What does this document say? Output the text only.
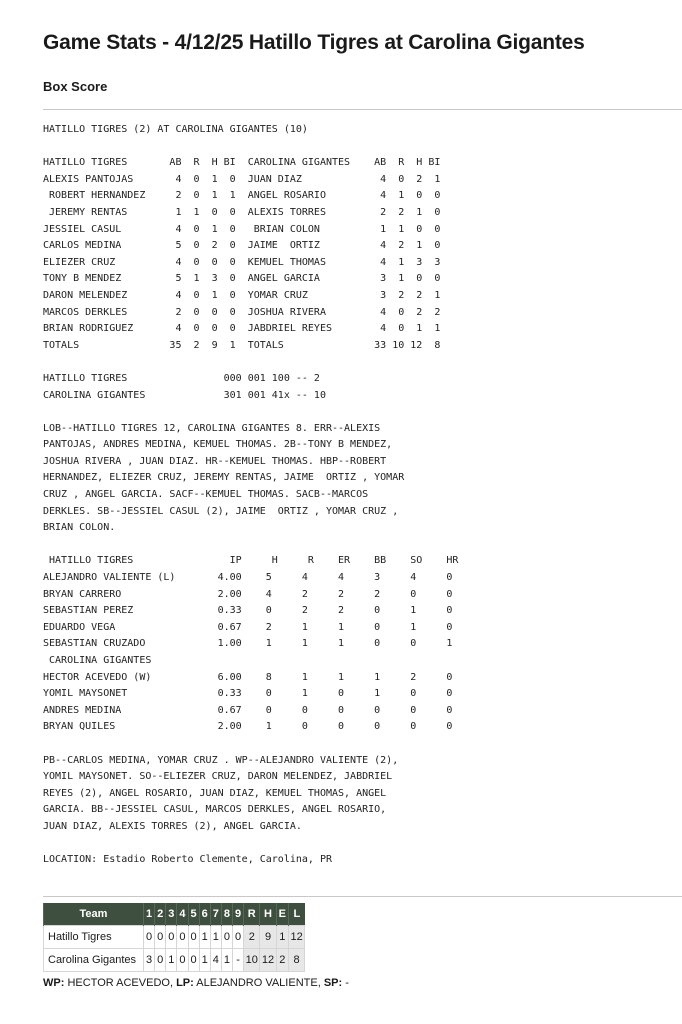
Game Stats - 4/12/25 Hatillo Tigres at Carolina Gigantes
Box Score
HATILLO TIGRES (2) AT CAROLINA GIGANTES (10)

HATILLO TIGRES       AB  R  H BI  CAROLINA GIGANTES    AB  R  H BI
ALEXIS PANTOJAS       4  0  1  0  JUAN DIAZ             4  0  2  1
ROBERT HERNANDEZ     2  0  1  1  ANGEL ROSARIO         4  1  0  0
JEREMY RENTAS        1  1  0  0  ALEXIS TORRES         2  2  1  0
JESSIEL CASUL         4  0  1  0   BRIAN COLON          1  1  0  0
CARLOS MEDINA         5  0  2  0  JAIME  ORTIZ          4  2  1  0
ELIEZER CRUZ          4  0  0  0  KEMUEL THOMAS         4  1  3  3
TONY B MENDEZ         5  1  3  0  ANGEL GARCIA          3  1  0  0
DARON MELENDEZ        4  0  1  0  YOMAR CRUZ            3  2  2  1
MARCOS DERKLES        2  0  0  0  JOSHUA RIVERA         4  0  2  2
BRIAN RODRIGUEZ       4  0  0  0  JABDRIEL REYES        4  0  1  1
TOTALS               35  2  9  1  TOTALS               33 10 12  8

HATILLO TIGRES                000 001 100 -- 2
CAROLINA GIGANTES             301 001 41x -- 10

LOB--HATILLO TIGRES 12, CAROLINA GIGANTES 8. ERR--ALEXIS
PANTOJAS, ANDRES MEDINA, KEMUEL THOMAS. 2B--TONY B MENDEZ,
JOSHUA RIVERA , JUAN DIAZ. HR--KEMUEL THOMAS. HBP--ROBERT
HERNANDEZ, ELIEZER CRUZ, JEREMY RENTAS, JAIME  ORTIZ , YOMAR
CRUZ , ANGEL GARCIA. SACF--KEMUEL THOMAS. SACB--MARCOS
DERKLES. SB--JESSIEL CASUL (2), JAIME  ORTIZ , YOMAR CRUZ ,
BRIAN COLON.

HATILLO TIGRES                IP     H     R    ER    BB    SO    HR
ALEJANDRO VALIENTE (L)       4.00    5     4     4     3     4     0
BRYAN CARRERO                2.00    4     2     2     2     0     0
SEBASTIAN PEREZ              0.33    0     2     2     0     1     0
EDUARDO VEGA                 0.67    2     1     1     0     1     0
SEBASTIAN CRUZADO            1.00    1     1     1     0     0     1
CAROLINA GIGANTES
HECTOR ACEVEDO (W)           6.00    8     1     1     1     2     0
YOMIL MAYSONET               0.33    0     1     0     1     0     0
ANDRES MEDINA                0.67    0     0     0     0     0     0
BRYAN QUILES                 2.00    1     0     0     0     0     0

PB--CARLOS MEDINA, YOMAR CRUZ . WP--ALEJANDRO VALIENTE (2),
YOMIL MAYSONET. SO--ELIEZER CRUZ, DARON MELENDEZ, JABDRIEL
REYES (2), ANGEL ROSARIO, JUAN DIAZ, KEMUEL THOMAS, ANGEL
GARCIA. BB--JESSIEL CASUL, MARCOS DERKLES, ANGEL ROSARIO,
JUAN DIAZ, ALEXIS TORRES (2), ANGEL GARCIA.

LOCATION: Estadio Roberto Clemente, Carolina, PR
Team	1	2	3	4	5	6	7	8	9	R	H	E	L
Hatillo Tigres	0	0	0	0	0	1	1	0	0	2	9	1	12
Carolina Gigantes	3	0	1	0	0	1	4	1	-	10	12	2	8
WP: HECTOR ACEVEDO, LP: ALEJANDRO VALIENTE, SP: -
